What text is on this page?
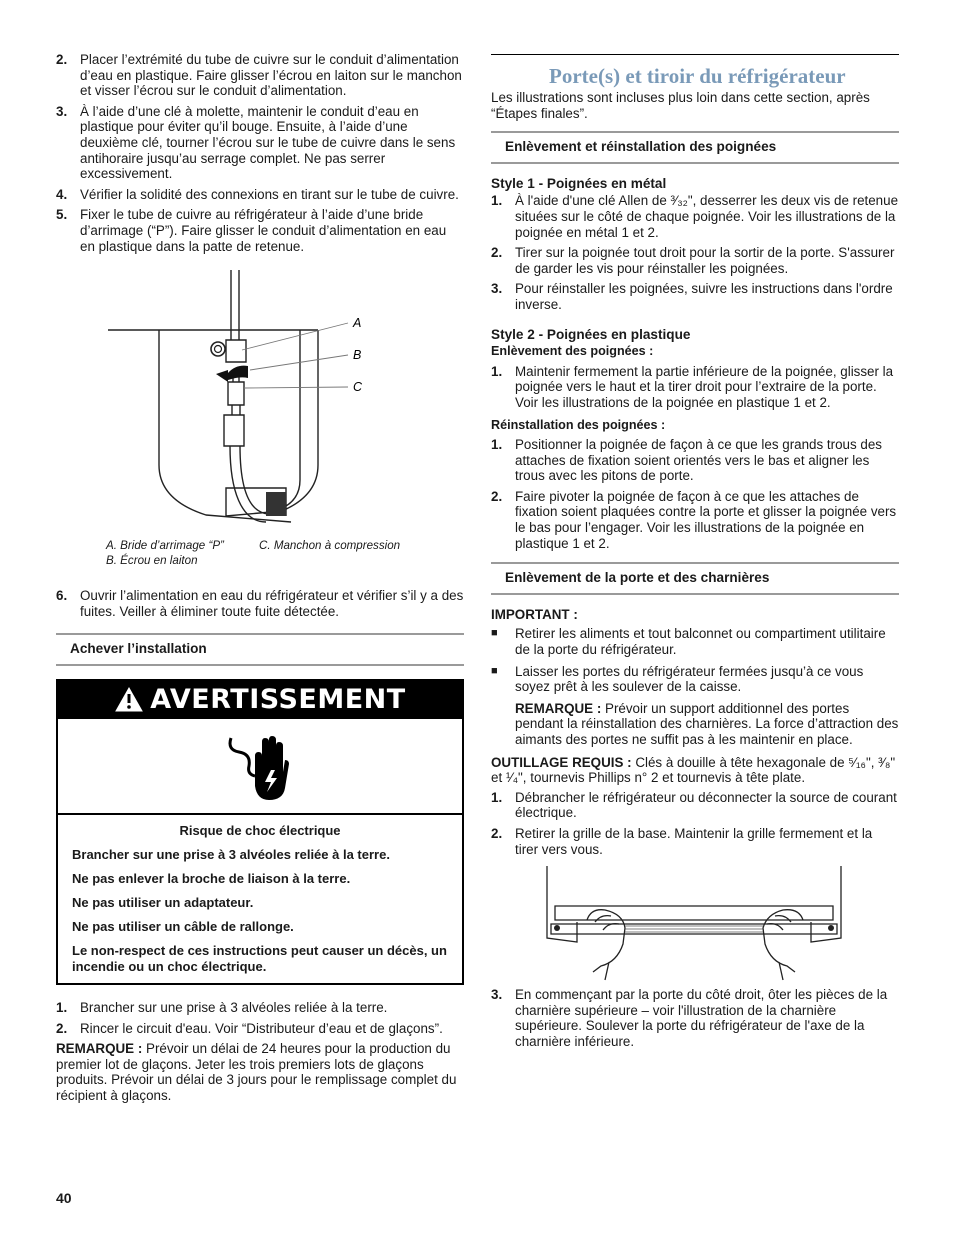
2. Placer l’extrémité du tube de cuivre sur le conduit d’alimentation d’eau en plastique. Faire glisser l’écrou en laiton sur le manchon et visser l’écrou sur le conduit d’alimentation.
3. À l’aide d’une clé à molette, maintenir le conduit d’eau en plastique pour éviter qu’il bouge. Ensuite, à l’aide d’une deuxième clé, tourner l’écrou sur le tube de cuivre dans le sens antihoraire jusqu’au serrage complet. Ne pas serrer excessivement.
4. Vérifier la solidité des connexions en tirant sur le tube de cuivre.
5. Fixer le tube de cuivre au réfrigérateur à l’aide d’une bride d’arrimage (“P”). Faire glisser le conduit d’alimentation en eau en plastique dans la patte de retenue.
A
B
C
A. Bride d’arrimage “P”	C. Manchon à compression
B. Écrou en laiton
6. Ouvrir l’alimentation en eau du réfrigérateur et vérifier s’il y a des fuites. Veiller à éliminer toute fuite détectée.
Achever l’installation
AVERTISSEMENT

Risque de choc électrique

Brancher sur une prise à 3 alvéoles reliée à la terre.

Ne pas enlever la broche de liaison à la terre.

Ne pas utiliser un adaptateur.

Ne pas utiliser un câble de rallonge.

Le non-respect de ces instructions peut causer un décès, un incendie ou un choc électrique.

1. Brancher sur une prise à 3 alvéoles reliée à la terre.
2. Rincer le circuit d'eau. Voir “Distributeur d’eau et de glaçons”.

REMARQUE : Prévoir un délai de 24 heures pour la production du premier lot de glaçons. Jeter les trois premiers lots de glaçons produits. Prévoir un délai de 3 jours pour le remplissage complet du récipient à glaçons.

Porte(s) et tiroir du réfrigérateur

Les illustrations sont incluses plus loin dans cette section, après “Étapes finales”.

Enlèvement et réinstallation des poignées

Style 1 - Poignées en métal

1. À l'aide d'une clé Allen de ³⁄₃₂", desserrer les deux vis de retenue situées sur le côté de chaque poignée. Voir les illustrations de la poignée en métal 1 et 2.
2. Tirer sur la poignée tout droit pour la sortir de la porte. S'assurer de garder les vis pour réinstaller les poignées.
3. Pour réinstaller les poignées, suivre les instructions dans l'ordre inverse.

Style 2 - Poignées en plastique

Enlèvement des poignées :

1. Maintenir fermement la partie inférieure de la poignée, glisser la poignée vers le haut et la tirer droit pour l’extraire de la porte. Voir les illustrations de la poignée en plastique 1 et 2.

Réinstallation des poignées :

1. Positionner la poignée de façon à ce que les grands trous des attaches de fixation soient orientés vers le bas et aligner les trous avec les pitons de porte.
2. Faire pivoter la poignée de façon à ce que les attaches de fixation soient plaquées contre la porte et glisser la poignée vers le bas pour l’engager. Voir les illustrations de la poignée en plastique 1 et 2.
Enlèvement de la porte et des charnières

IMPORTANT :

■ Retirer les aliments et tout balconnet ou compartiment utilitaire de la porte du réfrigérateur.
■ Laisser les portes du réfrigérateur fermées jusqu’à ce vous soyez prêt à les soulever de la caisse.

REMARQUE : Prévoir un support additionnel des portes pendant la réinstallation des charnières. La force d’attraction des aimants des portes ne suffit pas à les maintenir en place.

OUTILLAGE REQUIS : Clés à douille à tête hexagonale de ⁵⁄₁₆", ³⁄₈" et ¹⁄₄", tournevis Phillips n° 2 et tournevis à tête plate.

1. Débrancher le réfrigérateur ou déconnecter la source de courant électrique.
2. Retirer la grille de la base. Maintenir la grille fermement et la tirer vers vous.
3. En commençant par la porte du côté droit, ôter les pièces de la charnière supérieure – voir l'illustration de la charnière supérieure. Soulever la porte du réfrigérateur de l'axe de la charnière inférieure.
40
